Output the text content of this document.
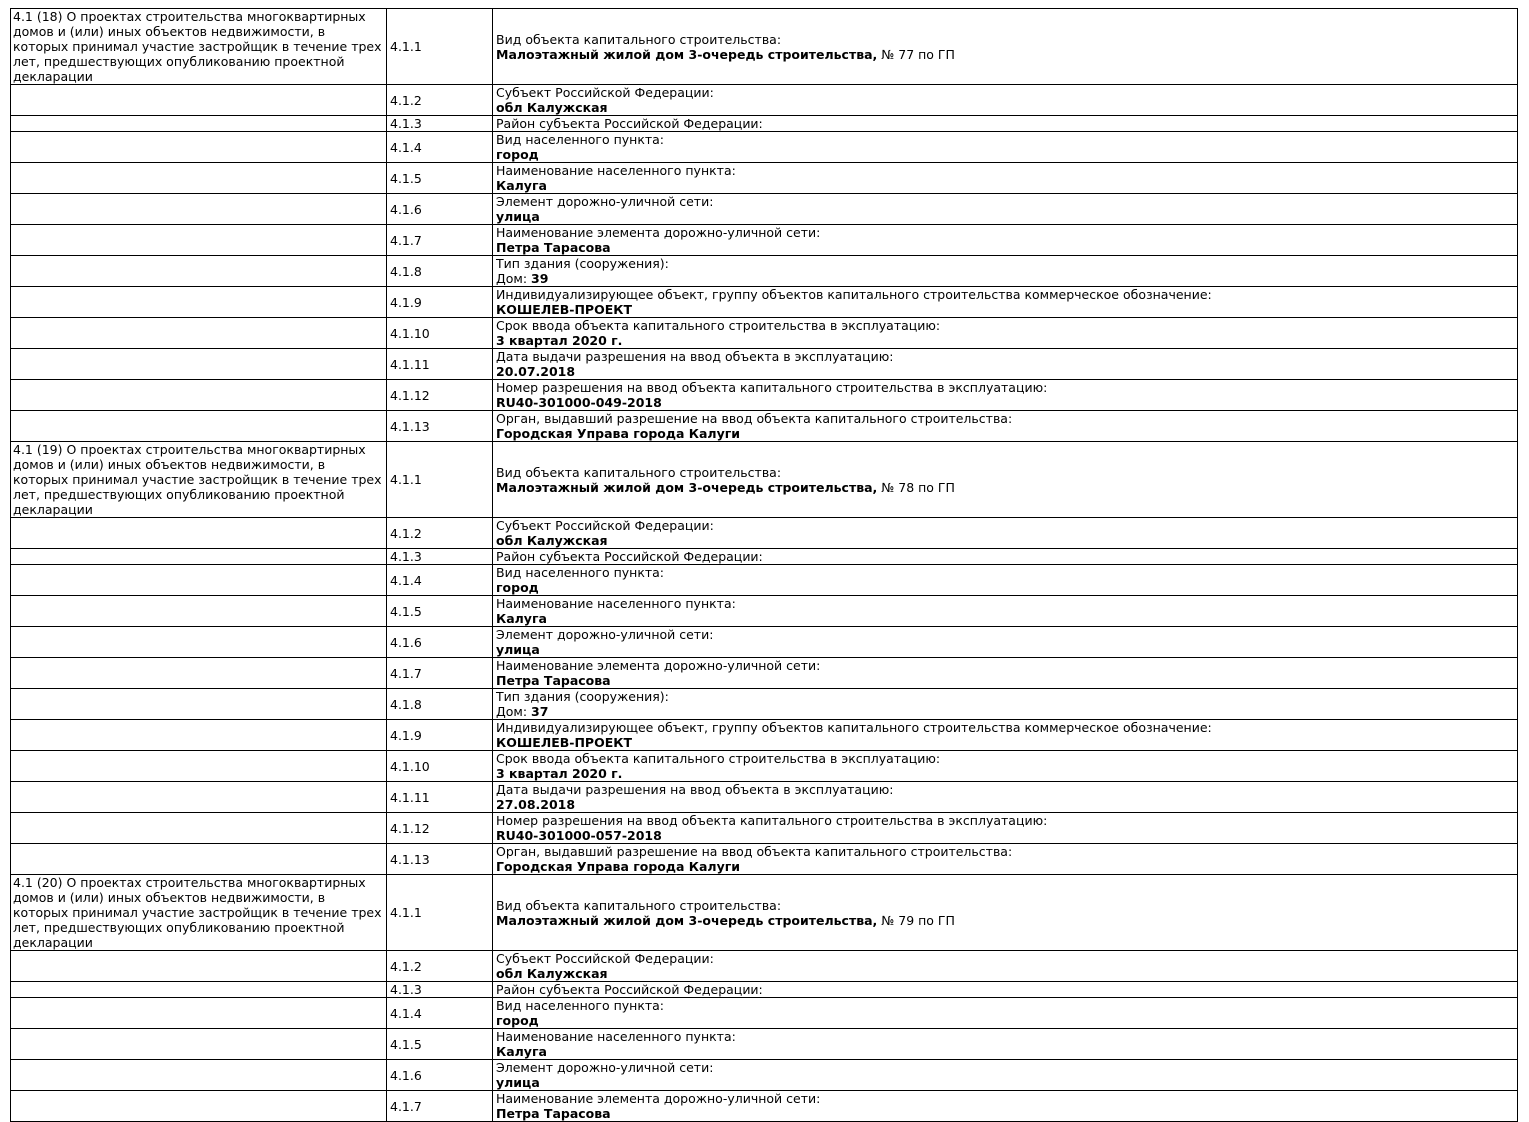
4.1 (18) О проектах строительства многоквартирных домов и (или) иных объектов недвижимости, в которых принимал участие застройщик в течение трех лет, предшествующих опубликованию проектной декларации	4.1.1	Вид объекта капитального строительства:
Малоэтажный жилой дом 3-очередь строительства, № 77 по ГП

	4.1.2	Субъект Российской Федерации:
обл Калужская

	4.1.3	Район субъекта Российской Федерации:

	4.1.4	Вид населенного пункта:
город

	4.1.5	Наименование населенного пункта:
Калуга

	4.1.6	Элемент дорожно-уличной сети:
улица

	4.1.7	Наименование элемента дорожно-уличной сети:
Петра Тарасова

	4.1.8	Тип здания (сооружения):
Дом: 39

	4.1.9	Индивидуализирующее объект, группу объектов капитального строительства коммерческое обозначение:
КОШЕЛЕВ-ПРОЕКТ

	4.1.10	Срок ввода объекта капитального строительства в эксплуатацию:
3 квартал 2020 г.

	4.1.11	Дата выдачи разрешения на ввод объекта в эксплуатацию:
20.07.2018

	4.1.12	Номер разрешения на ввод объекта капитального строительства в эксплуатацию:
RU40-301000-049-2018

	4.1.13	Орган, выдавший разрешение на ввод объекта капитального строительства:
Городская Управа города Калуги

4.1 (19) О проектах строительства многоквартирных домов и (или) иных объектов недвижимости, в которых принимал участие застройщик в течение трех лет, предшествующих опубликованию проектной декларации	4.1.1	Вид объекта капитального строительства:
Малоэтажный жилой дом 3-очередь строительства, № 78 по ГП

	4.1.2	Субъект Российской Федерации:
обл Калужская

	4.1.3	Район субъекта Российской Федерации:

	4.1.4	Вид населенного пункта:
город

	4.1.5	Наименование населенного пункта:
Калуга

	4.1.6	Элемент дорожно-уличной сети:
улица

	4.1.7	Наименование элемента дорожно-уличной сети:
Петра Тарасова

	4.1.8	Тип здания (сооружения):
Дом: 37

	4.1.9	Индивидуализирующее объект, группу объектов капитального строительства коммерческое обозначение:
КОШЕЛЕВ-ПРОЕКТ

	4.1.10	Срок ввода объекта капитального строительства в эксплуатацию:
3 квартал 2020 г.

	4.1.11	Дата выдачи разрешения на ввод объекта в эксплуатацию:
27.08.2018

	4.1.12	Номер разрешения на ввод объекта капитального строительства в эксплуатацию:
RU40-301000-057-2018

	4.1.13	Орган, выдавший разрешение на ввод объекта капитального строительства:
Городская Управа города Калуги

4.1 (20) О проектах строительства многоквартирных домов и (или) иных объектов недвижимости, в которых принимал участие застройщик в течение трех лет, предшествующих опубликованию проектной декларации	4.1.1	Вид объекта капитального строительства:
Малоэтажный жилой дом 3-очередь строительства, № 79 по ГП

	4.1.2	Субъект Российской Федерации:
обл Калужская

	4.1.3	Район субъекта Российской Федерации:

	4.1.4	Вид населенного пункта:
город

	4.1.5	Наименование населенного пункта:
Калуга

	4.1.6	Элемент дорожно-уличной сети:
улица

	4.1.7	Наименование элемента дорожно-уличной сети:
Петра Тарасова
